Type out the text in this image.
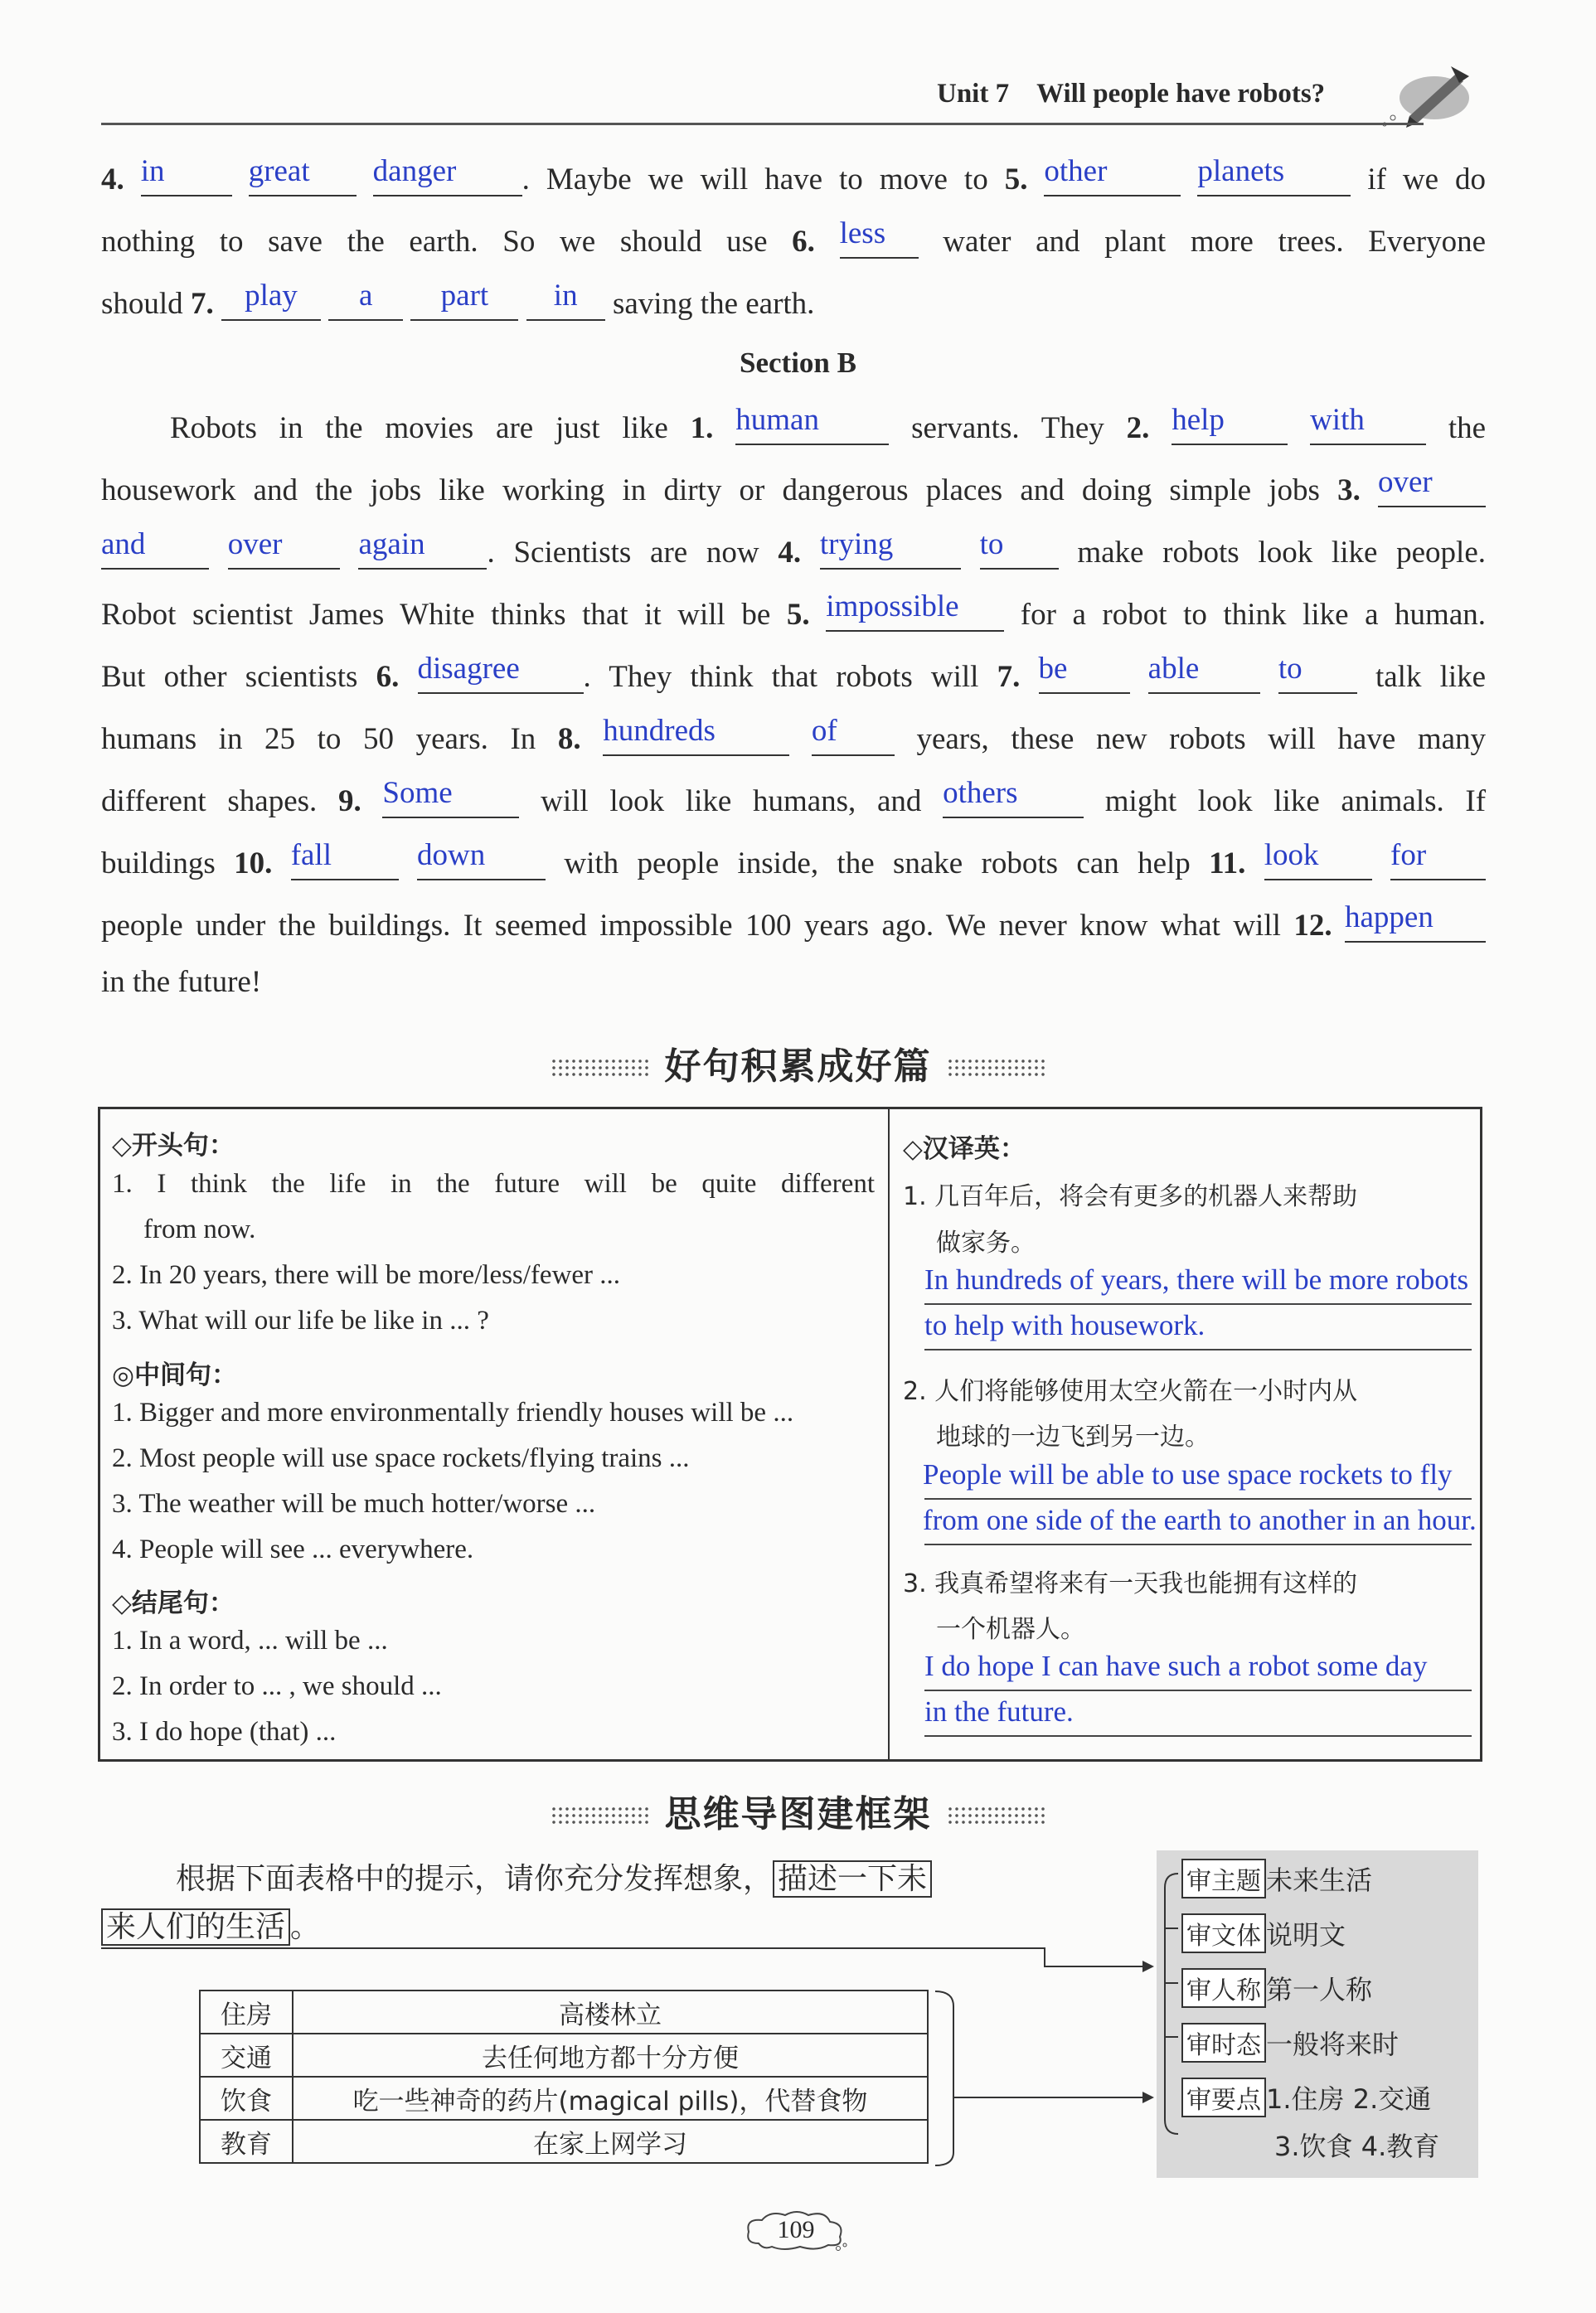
Unit 7 Will people have robots?
4. in
	great
	danger	. Maybe we will have to move to 5. other
	planets	if we do
nothing to save the earth. So we should use 6. less	water and plant more trees. Everyone
should 7.	play
	a
	part
	in	saving the earth.
Section B
Robots in the movies are just like 1. human	servants. They 2. help
	with	the
housework and the jobs like working in dirty or dangerous places and doing simple jobs 3. over
and
	over
	again	. Scientists are now 4. trying
	to	make robots look like people.
Robot scientist James White thinks that it will be 5. impossible	for a robot to think like a human.
But other scientists 6. disagree	. They think that robots will 7. be
	able
	to	talk like
humans in 25 to 50 years. In 8. hundreds
	of	years, these new robots will have many
different shapes. 9. Some	will look like humans, and others	might look like animals. If
buildings 10. fall
	down	with people inside, the snake robots can help 11. look
	for
people under the buildings. It seemed impossible 100 years ago. We never know what will 12. happen
in the future!
好句积累成好篇
◇开头句：
1. I think the life in the future will be quite different
from now.
2. In 20 years, there will be more/less/fewer ...
3. What will our life be like in ... ?
◎中间句：
1. Bigger and more environmentally friendly houses will be ...
2. Most people will use space rockets/flying trains ...
3. The weather will be much hotter/worse ...
4. People will see ... everywhere.
◇结尾句：
1. In a word, ... will be ...
2. In order to ... , we should ...
3. I do hope (that) ...
◇汉译英：
1. 几百年后，将会有更多的机器人来帮助
做家务。
In hundreds of years, there will be more robots
to help with housework.
2. 人们将能够使用太空火箭在一小时内从
地球的一边飞到另一边。
People will be able to use space rockets to fly
from one side of the earth to another in an hour.
3. 我真希望将来有一天我也能拥有这样的
一个机器人。
I do hope I can have such a robot some day
in the future.
思维导图建框架
根据下面表格中的提示，请你充分发挥想象， 描述一下未
来人们的生活 。
住房	高楼林立
交通	去任何地方都十分方便
饮食	吃一些神奇的药片(magical pills)，代替食物
教育	在家上网学习
审主题 未来生活
审文体 说明文
审人称 第一人称
审时态 一般将来时
审要点 1.住房 2.交通
3.饮食 4.教育
109
